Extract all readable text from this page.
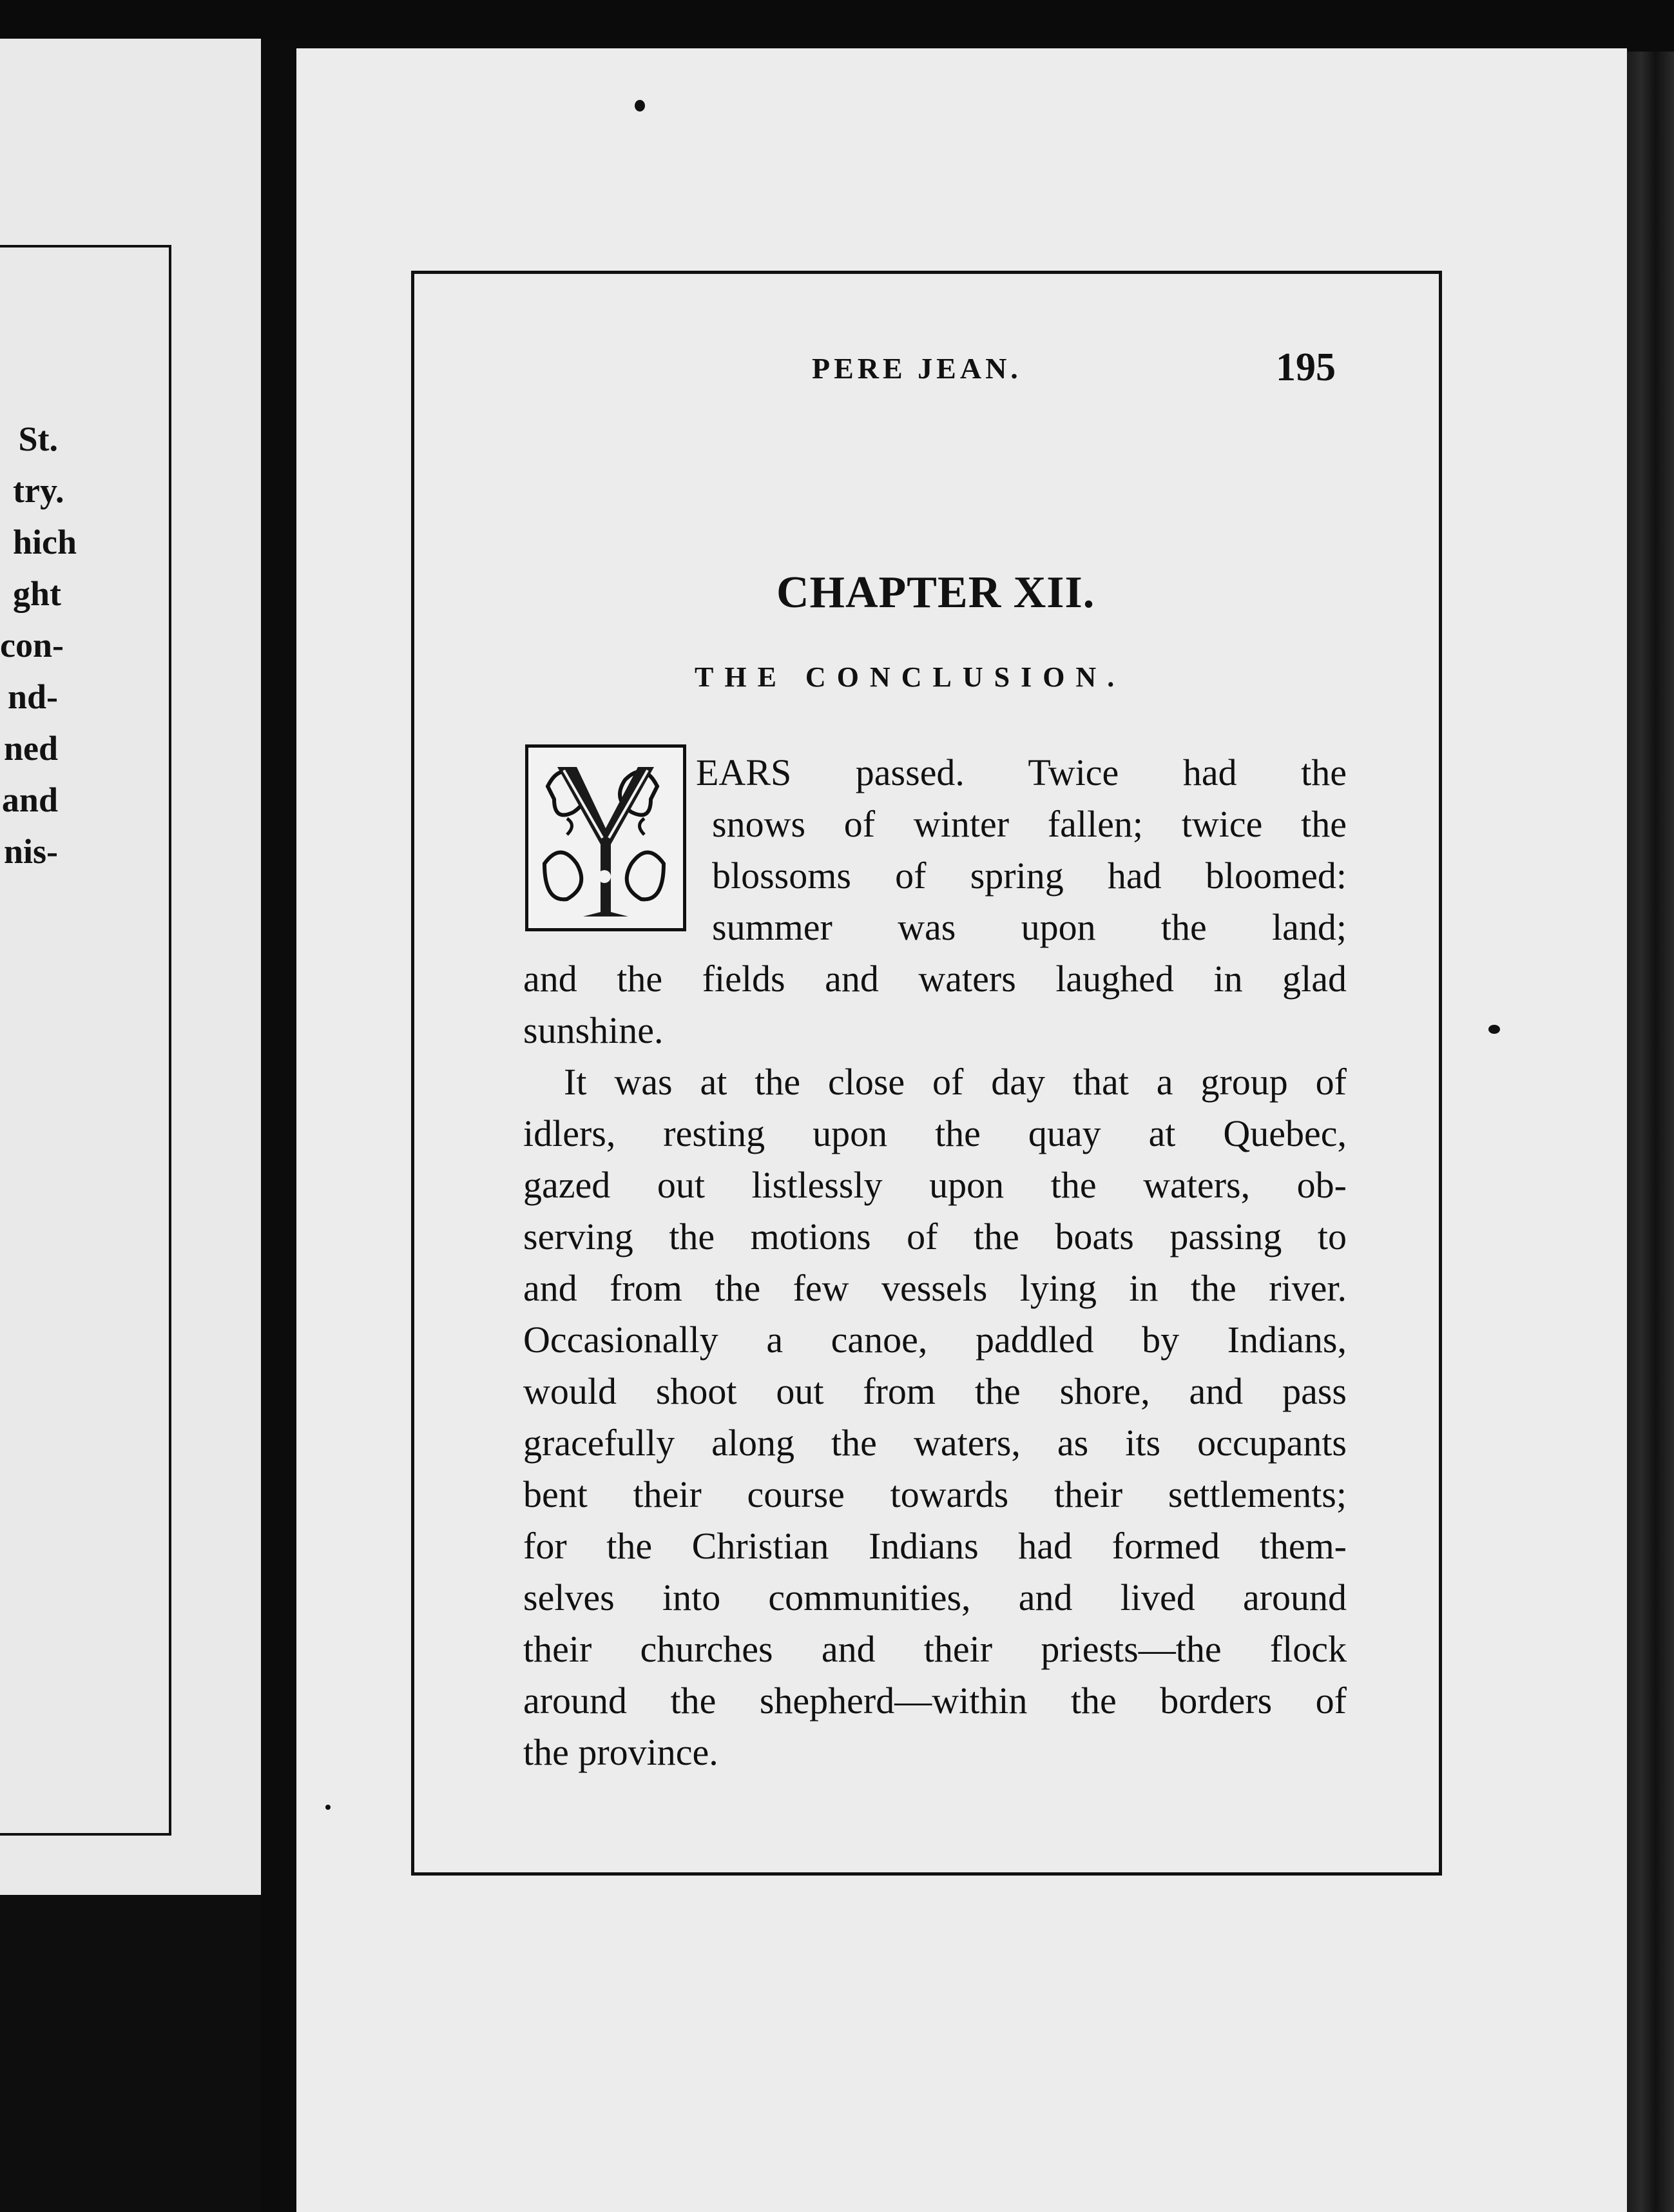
St.
try.
hich
ght
con-
nd-
ned
and
nis-
PERE JEAN.	195
CHAPTER XII.
THE CONCLUSION.
EARS passed. Twice had the
snows of winter fallen; twice the
blossoms of spring had bloomed:
summer was upon the land;
and the fields and waters laughed in glad
sunshine.
It was at the close of day that a group of
idlers, resting upon the quay at Quebec,
gazed out listlessly upon the waters, ob-
serving the motions of the boats passing to
and from the few vessels lying in the river.
Occasionally a canoe, paddled by Indians,
would shoot out from the shore, and pass
gracefully along the waters, as its occupants
bent their course towards their settlements;
for the Christian Indians had formed them-
selves into communities, and lived around
their churches and their priests—the flock
around the shepherd—within the borders of
the province.
